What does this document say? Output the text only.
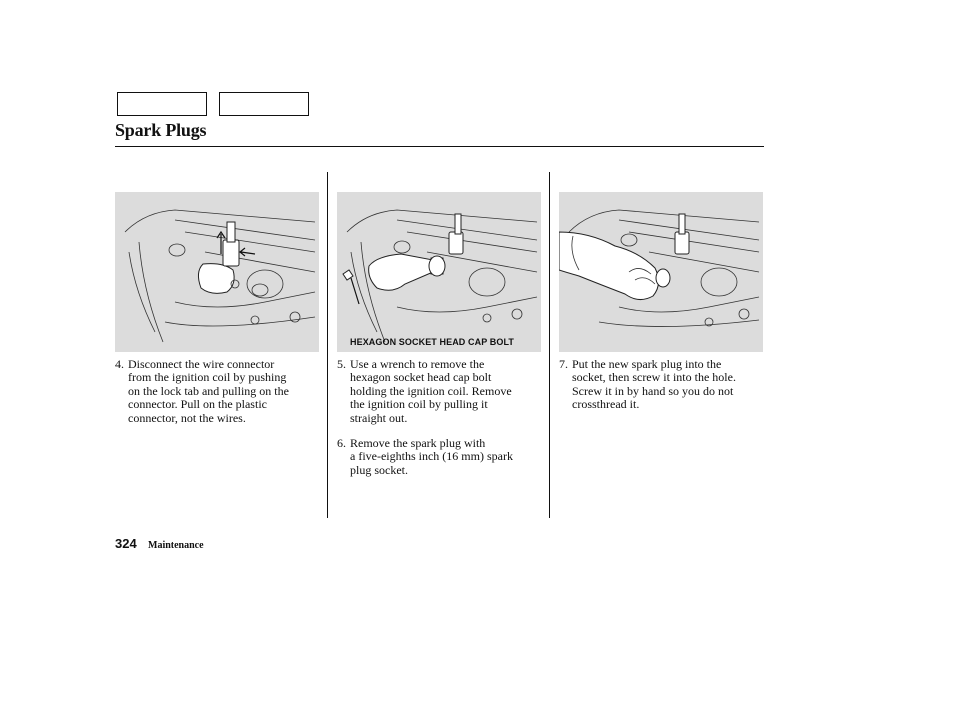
Spark Plugs
HEXAGON SOCKET HEAD CAP BOLT
4. Disconnect the wire connector
from the ignition coil by pushing
on the lock tab and pulling on the
connector. Pull on the plastic
connector, not the wires.
5. Use a wrench to remove the
hexagon socket head cap bolt
holding the ignition coil. Remove
the ignition coil by pulling it
straight out.
6. Remove the spark plug with
a five-eighths inch (16 mm) spark
plug socket.
7. Put the new spark plug into the
socket, then screw it into the hole.
Screw it in by hand so you do not
crossthread it.
324 Maintenance
